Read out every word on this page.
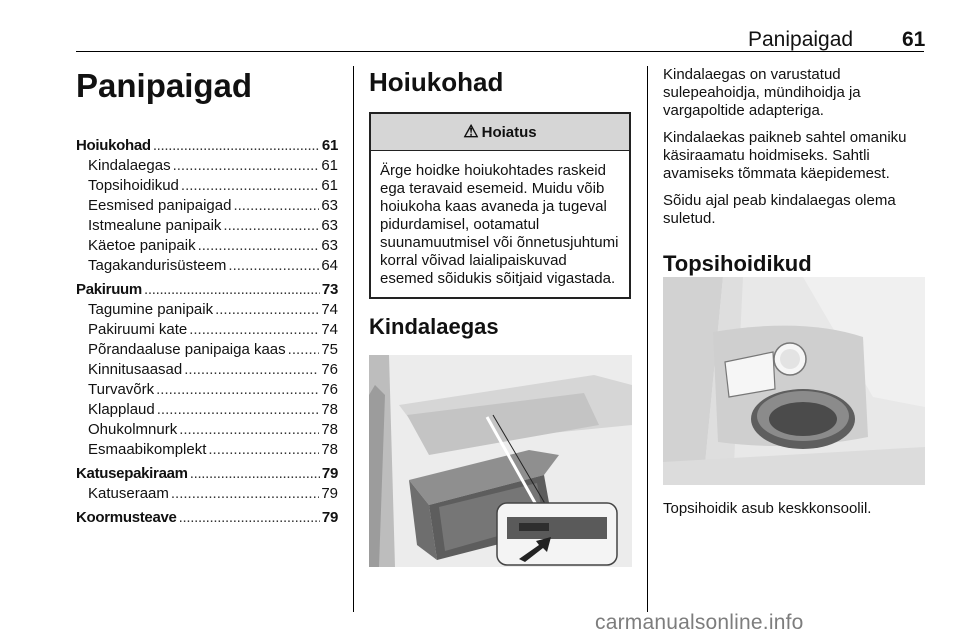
Panipaigad 61
Panipaigad
Hoiukohad .....	61
Kindalaegas .....	61
Topsihoidikud .....	61
Eesmised panipaigad .....	63
Istmealune panipaik .....	63
Käetoe panipaik .....	63
Tagakandurisüsteem .....	64
Pakiruum .....	73
Tagumine panipaik .....	74
Pakiruumi kate .....	74
Põrandaaluse panipaiga kaas ..... 75
Kinnitusaasad .....	76
Turvavõrk .....	76
Klapplaud .....	78
Ohukolmnurk .....	78
Esmaabikomplekt .....	78
Katusepakiraam .....	79
Katuseraam .....	79
Koormusteave .....	79
Hoiukohad
⚠ Hoiatus
Ärge hoidke hoiukohtades raskeid ega teravaid esemeid. Muidu võib hoiukoha kaas avaneda ja tugeval pidurdamisel, ootamatul suunamuutmisel või õnnetusjuhtumi korral võivad laialipaiskuvad esemed sõidukis sõitjaid vigastada.
Kindalaegas

Kindalaegas on varustatud sulepeahoidja, mündihoidja ja vargapoltide adapteriga.

Kindalaekas paikneb sahtel omaniku käsiraamatu hoidmiseks. Sahtli avamiseks tõmmata käepidemest.

Sõidu ajal peab kindalaegas olema suletud.

Topsihoidikud
Topsihoidik asub keskkonsoolil.
carmanualsonline.info
